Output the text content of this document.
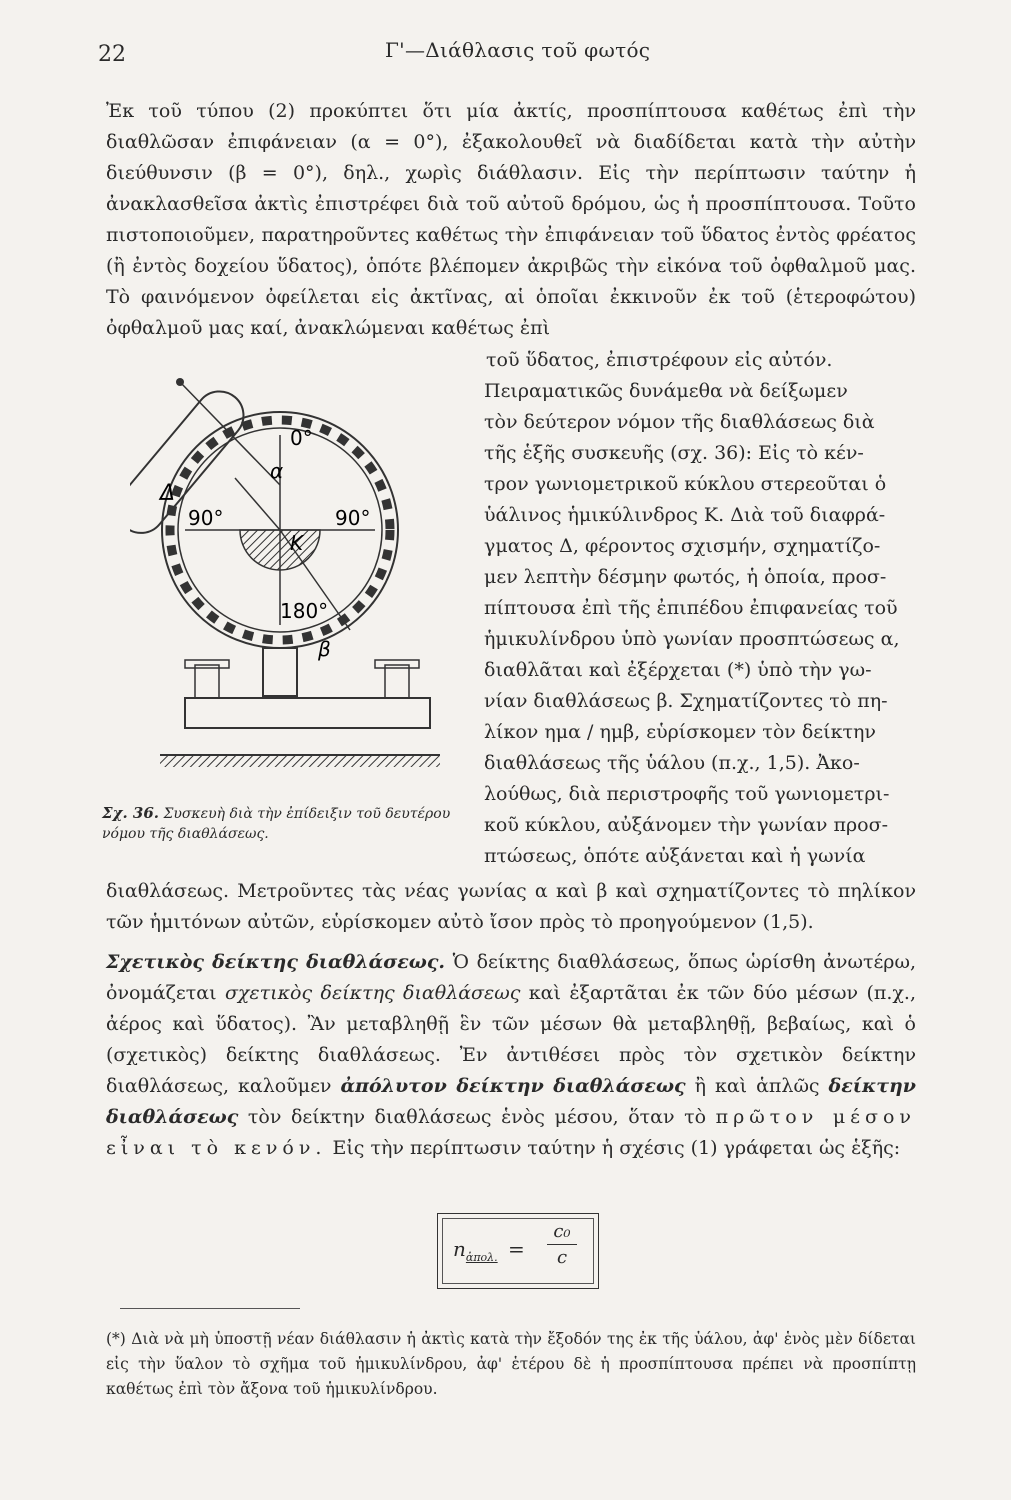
22	Γ'—Διάθλασις τοῦ φωτός
Ἐκ τοῦ τύπου (2) προκύπτει ὅτι μία ἀκτίς, προσπίπτουσα καθέτως ἐπὶ τὴν διαθλῶσαν ἐπιφάνειαν (α = 0°), ἐξακολουθεῖ νὰ διαδίδεται κατὰ τὴν αὐτὴν διεύθυνσιν (β = 0°), δηλ., χωρὶς διάθλασιν. Εἰς τὴν περίπτωσιν ταύτην ἡ ἀνακλασθεῖσα ἀκτὶς ἐπιστρέφει διὰ τοῦ αὐτοῦ δρόμου, ὡς ἡ προσπίπτουσα. Τοῦτο πιστοποιοῦμεν, παρατηροῦντες καθέτως τὴν ἐπιφάνειαν τοῦ ὕδατος ἐντὸς φρέατος (ἢ ἐντὸς δοχείου ὕδατος), ὁπότε βλέπομεν ἀκριβῶς τὴν εἰκόνα τοῦ ὀφθαλμοῦ μας. Τὸ φαινόμενον ὀφείλεται εἰς ἀκτῖνας, αἱ ὁποῖαι ἐκκινοῦν ἐκ τοῦ (ἑτεροφώτου) ὀφθαλμοῦ μας καί, ἀνακλώμεναι καθέτως ἐπὶ
τοῦ ὕδατος, ἐπιστρέφουν εἰς αὐτόν.
0°
90°	90°
180°
α
K
β
Δ
Σχ. 36. Συσκευὴ διὰ τὴν ἐπίδειξιν τοῦ δευτέρου νόμου τῆς διαθλάσεως.
Πειραματικῶς δυνάμεθα νὰ δείξωμεν
τὸν δεύτερον νόμον τῆς διαθλάσεως διὰ
τῆς ἑξῆς συσκευῆς (σχ. 36): Εἰς τὸ κέν-
τρον γωνιομετρικοῦ κύκλου στερεοῦται ὁ
ὑάλινος ἡμικύλινδρος K. Διὰ τοῦ διαφρά-
γματος Δ, φέροντος σχισμήν, σχηματίζο-
μεν λεπτὴν δέσμην φωτός, ἡ ὁποία, προσ-
πίπτουσα ἐπὶ τῆς ἐπιπέδου ἐπιφανείας τοῦ
ἡμικυλίνδρου ὑπὸ γωνίαν προσπτώσεως α,
διαθλᾶται καὶ ἐξέρχεται (*) ὑπὸ τὴν γω-
νίαν διαθλάσεως β. Σχηματίζοντες τὸ πη-
λίκον ημα / ημβ, εὑρίσκομεν τὸν δείκτην
διαθλάσεως τῆς ὑάλου (π.χ., 1,5). Ἀκο-
λούθως, διὰ περιστροφῆς τοῦ γωνιομετρι-
κοῦ κύκλου, αὐξάνομεν τὴν γωνίαν προσ-
πτώσεως, ὁπότε αὐξάνεται καὶ ἡ γωνία
διαθλάσεως. Μετροῦντες τὰς νέας γωνίας α καὶ β καὶ σχηματίζοντες τὸ πηλίκον τῶν ἡμιτόνων αὐτῶν, εὑρίσκομεν αὐτὸ ἴσον πρὸς τὸ προηγούμενον (1,5).
Σχετικὸς δείκτης διαθλάσεως. Ὁ δείκτης διαθλάσεως, ὅπως ὡρίσθη ἀνωτέρω, ὀνομάζεται σχετικὸς δείκτης διαθλάσεως καὶ ἐξαρτᾶται ἐκ τῶν δύο μέσων (π.χ., ἀέρος καὶ ὕδατος). Ἂν μεταβληθῇ ἓν τῶν μέσων θὰ μεταβληθῇ, βεβαίως, καὶ ὁ (σχετικὸς) δείκτης διαθλάσεως. Ἐν ἀντιθέσει πρὸς τὸν σχετικὸν δείκτην διαθλάσεως, καλοῦμεν ἀπόλυτον δείκτην διαθλάσεως ἢ καὶ ἁπλῶς δείκτην διαθλάσεως τὸν δείκτην διαθλάσεως ἑνὸς μέσου, ὅταν τὸ πρῶτον μέσον εἶναι τὸ κενόν. Εἰς τὴν περίπτωσιν ταύτην ἡ σχέσις (1) γράφεται ὡς ἑξῆς:
$n_{ἀ\pi o\lambda.}$ =
c₀
c
(*) Διὰ νὰ μὴ ὑποστῇ νέαν διάθλασιν ἡ ἀκτὶς κατὰ τὴν ἔξοδόν της ἐκ τῆς ὑάλου, ἀφ' ἑνὸς μὲν δίδεται εἰς τὴν ὕαλον τὸ σχῆμα τοῦ ἡμικυλίνδρου, ἀφ' ἑτέρου δὲ ἡ προσπίπτουσα πρέπει νὰ προσπίπτῃ καθέτως ἐπὶ τὸν ἄξονα τοῦ ἡμικυλίνδρου.
